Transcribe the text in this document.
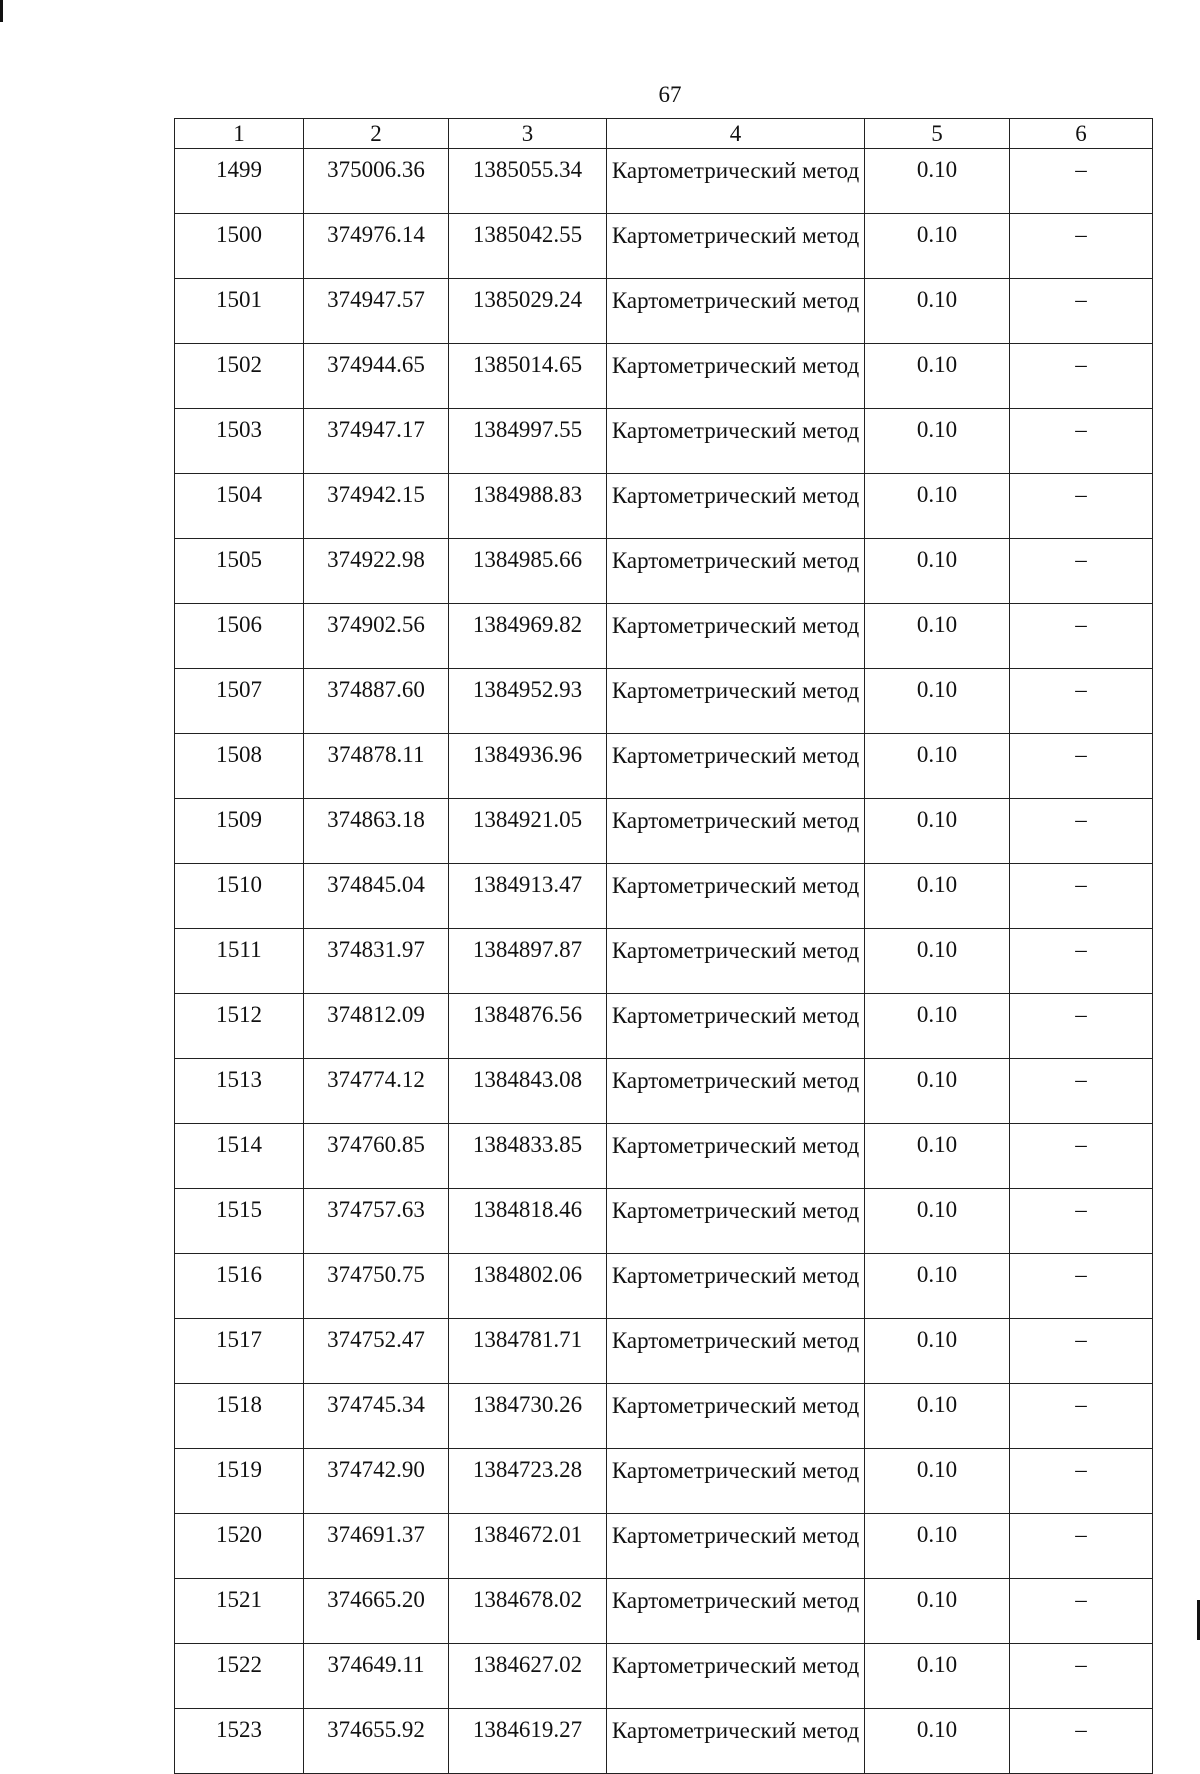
67
1	2	3	4	5	6
1499	375006.36	1385055.34	Картометрический метод	0.10	–
1500	374976.14	1385042.55	Картометрический метод	0.10	–
1501	374947.57	1385029.24	Картометрический метод	0.10	–
1502	374944.65	1385014.65	Картометрический метод	0.10	–
1503	374947.17	1384997.55	Картометрический метод	0.10	–
1504	374942.15	1384988.83	Картометрический метод	0.10	–
1505	374922.98	1384985.66	Картометрический метод	0.10	–
1506	374902.56	1384969.82	Картометрический метод	0.10	–
1507	374887.60	1384952.93	Картометрический метод	0.10	–
1508	374878.11	1384936.96	Картометрический метод	0.10	–
1509	374863.18	1384921.05	Картометрический метод	0.10	–
1510	374845.04	1384913.47	Картометрический метод	0.10	–
1511	374831.97	1384897.87	Картометрический метод	0.10	–
1512	374812.09	1384876.56	Картометрический метод	0.10	–
1513	374774.12	1384843.08	Картометрический метод	0.10	–
1514	374760.85	1384833.85	Картометрический метод	0.10	–
1515	374757.63	1384818.46	Картометрический метод	0.10	–
1516	374750.75	1384802.06	Картометрический метод	0.10	–
1517	374752.47	1384781.71	Картометрический метод	0.10	–
1518	374745.34	1384730.26	Картометрический метод	0.10	–
1519	374742.90	1384723.28	Картометрический метод	0.10	–
1520	374691.37	1384672.01	Картометрический метод	0.10	–
1521	374665.20	1384678.02	Картометрический метод	0.10	–
1522	374649.11	1384627.02	Картометрический метод	0.10	–
1523	374655.92	1384619.27	Картометрический метод	0.10	–
